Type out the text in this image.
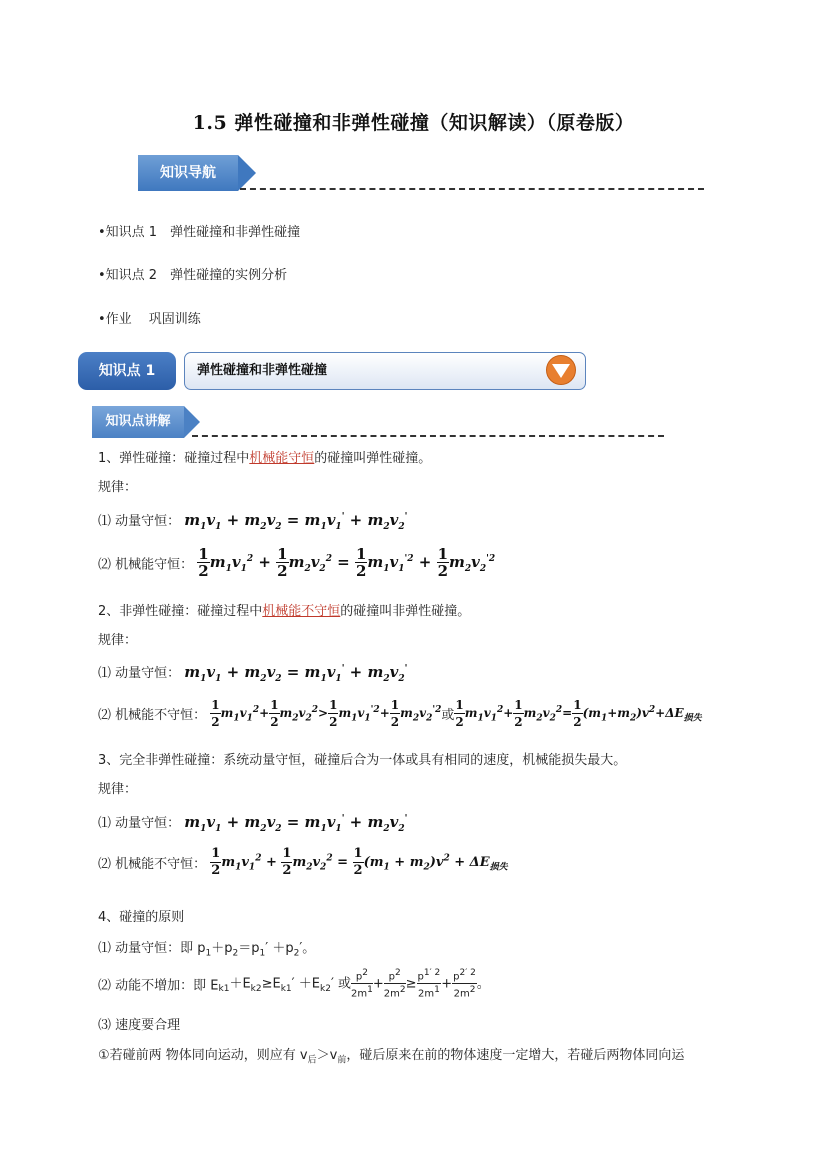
1.5 弹性碰撞和非弹性碰撞（知识解读）（原卷版）
知识导航
•知识点 1　弹性碰撞和非弹性碰撞
•知识点 2　弹性碰撞的实例分析
•作业　 巩固训练
知识点 1	弹性碰撞和非弹性碰撞
知识点讲解
1、弹性碰撞：碰撞过程中机械能守恒的碰撞叫弹性碰撞。
规律：
⑴ 动量守恒： $m_1v_1 + m_2v_2 = m_1v_1' + m_2v_2'$
⑵ 机械能守恒： $\frac{1}{2} m_1v_1^2 + \frac{1}{2} m_2v_2^2 = \frac{1}{2} m_1v_1^{'2} + \frac{1}{2} m_2v_2^{'2}$
2、非弹性碰撞：碰撞过程中机械能不守恒的碰撞叫非弹性碰撞。
规律：
⑴ 动量守恒： $m_1v_1 + m_2v_2 = m_1v_1' + m_2v_2'$
⑵ 机械能不守恒： $\frac{1}{2} m_1v_1^2+ \frac{1}{2} m_2v_2^2> \frac{1}{2} m_1v_1^{'2}+ \frac{1}{2} m_2v_2^{'2}$或 $\frac{1}{2} m_1v_1^2+ \frac{1}{2} m_2v_2^2= \frac{1}{2} (m_1+m_2)v^2+\Delta E_{损失}$
3、完全非弹性碰撞：系统动量守恒，碰撞后合为一体或具有相同的速度，机械能损失最大。
规律：
⑴ 动量守恒： $m_1v_1 + m_2v_2 = m_1v_1' + m_2v_2'$
⑵ 机械能不守恒： $\frac{1}{2} m_1v_1^2 + \frac{1}{2} m_2v_2^2 = \frac{1}{2} (m_1 + m_2)v^2 + \Delta E_{损失}$
4、碰撞的原则
⑴ 动量守恒：即 $p_1+p_2=p_1' +p_2'$。
⑵ 动能不增加：即 $E_{k1}+E_{k2}\ge E_{k1}' +E_{k2}'$ 或 $\frac{p^2}{2m^1} + \frac{p^2}{2m^2} \ge \frac{p^{1' 2}}{2m^1} + \frac{p^{2' 2}}{2m^2}$ 。
⑶ 速度要合理
①若碰前两 物体同向运动，则应有 $v_后>v_前$，碰后原来在前的物体速度一定增大，若碰后两物体同向运
